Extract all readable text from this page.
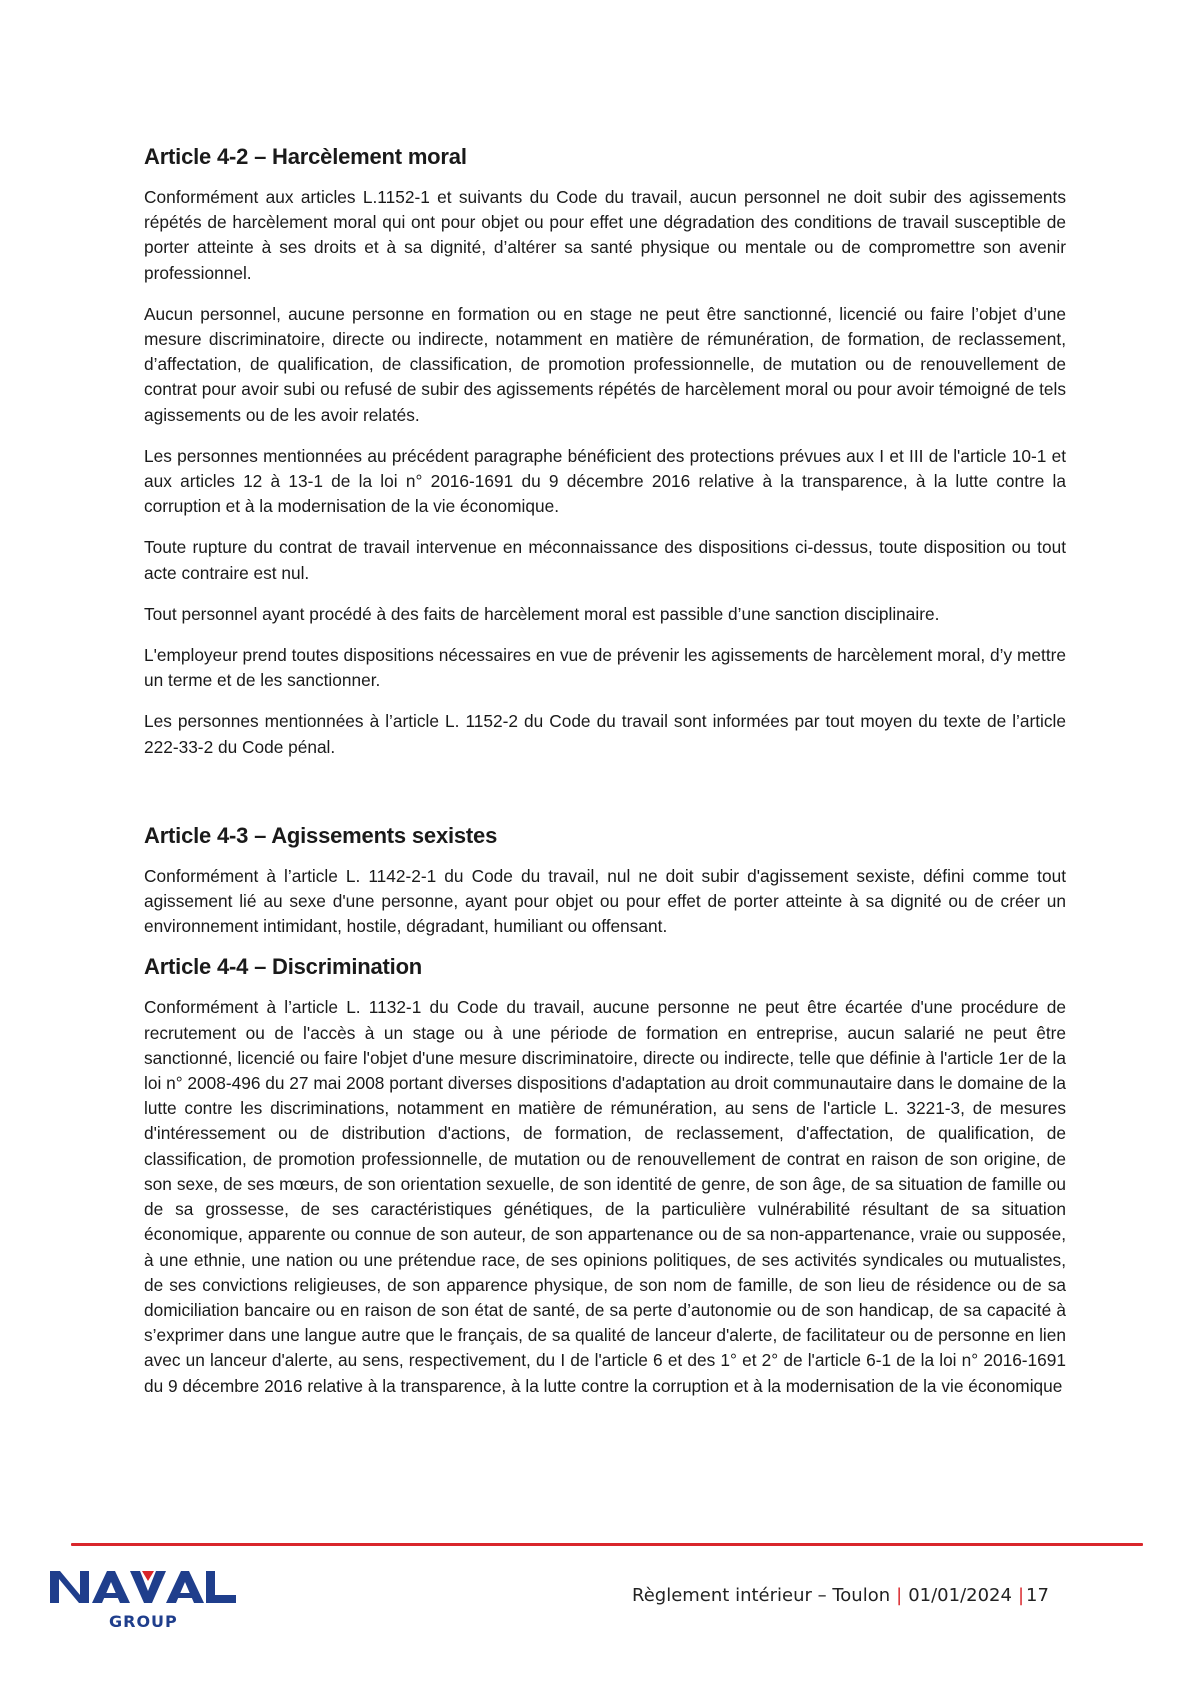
Article 4-2 – Harcèlement moral

Conformément aux articles L.1152-1 et suivants du Code du travail, aucun personnel ne doit subir des agissements répétés de harcèlement moral qui ont pour objet ou pour effet une dégradation des conditions de travail susceptible de porter atteinte à ses droits et à sa dignité, d’altérer sa santé physique ou mentale ou de compromettre son avenir professionnel.

Aucun personnel, aucune personne en formation ou en stage ne peut être sanctionné, licencié ou faire l’objet d’une mesure discriminatoire, directe ou indirecte, notamment en matière de rémunération, de formation, de reclassement, d’affectation, de qualification, de classification, de promotion professionnelle, de mutation ou de renouvellement de contrat pour avoir subi ou refusé de subir des agissements répétés de harcèlement moral ou pour avoir témoigné de tels agissements ou de les avoir relatés.

Les personnes mentionnées au précédent paragraphe bénéficient des protections prévues aux I et III de l'article 10-1 et aux articles 12 à 13-1 de la loi n° 2016-1691 du 9 décembre 2016 relative à la transparence, à la lutte contre la corruption et à la modernisation de la vie économique.

Toute rupture du contrat de travail intervenue en méconnaissance des dispositions ci-dessus, toute disposition ou tout acte contraire est nul.

Tout personnel ayant procédé à des faits de harcèlement moral est passible d’une sanction disciplinaire.

L'employeur prend toutes dispositions nécessaires en vue de prévenir les agissements de harcèlement moral, d’y mettre un terme et de les sanctionner.

Les personnes mentionnées à l’article L. 1152-2 du Code du travail sont informées par tout moyen du texte de l’article 222-33-2 du Code pénal.

Article 4-3 – Agissements sexistes

Conformément à l’article L. 1142-2-1 du Code du travail, nul ne doit subir d'agissement sexiste, défini comme tout agissement lié au sexe d'une personne, ayant pour objet ou pour effet de porter atteinte à sa dignité ou de créer un environnement intimidant, hostile, dégradant, humiliant ou offensant.

Article 4-4 – Discrimination

Conformément à l’article L. 1132-1 du Code du travail, aucune personne ne peut être écartée d'une procédure de recrutement ou de l'accès à un stage ou à une période de formation en entreprise, aucun salarié ne peut être sanctionné, licencié ou faire l'objet d'une mesure discriminatoire, directe ou indirecte, telle que définie à l'article 1er de la loi n° 2008-496 du 27 mai 2008 portant diverses dispositions d'adaptation au droit communautaire dans le domaine de la lutte contre les discriminations, notamment en matière de rémunération, au sens de l'article L. 3221-3, de mesures d'intéressement ou de distribution d'actions, de formation, de reclassement, d'affectation, de qualification, de classification, de promotion professionnelle, de mutation ou de renouvellement de contrat en raison de son origine, de son sexe, de ses mœurs, de son orientation sexuelle, de son identité de genre, de son âge, de sa situation de famille ou de sa grossesse, de ses caractéristiques génétiques, de la particulière vulnérabilité résultant de sa situation économique, apparente ou connue de son auteur, de son appartenance ou de sa non-appartenance, vraie ou supposée, à une ethnie, une nation ou une prétendue race, de ses opinions politiques, de ses activités syndicales ou mutualistes, de ses convictions religieuses, de son apparence physique, de son nom de famille, de son lieu de résidence ou de sa domiciliation bancaire ou en raison de son état de santé, de sa perte d’autonomie ou de son handicap, de sa capacité à s’exprimer dans une langue autre que le français, de sa qualité de lanceur d'alerte, de facilitateur ou de personne en lien avec un lanceur d'alerte, au sens, respectivement, du I de l'article 6 et des 1° et 2° de l'article 6-1 de la loi n° 2016-1691 du 9 décembre 2016 relative à la transparence, à la lutte contre la corruption et à la modernisation de la vie économique

GROUP
Règlement intérieur – Toulon | 01/01/2024 | 17
